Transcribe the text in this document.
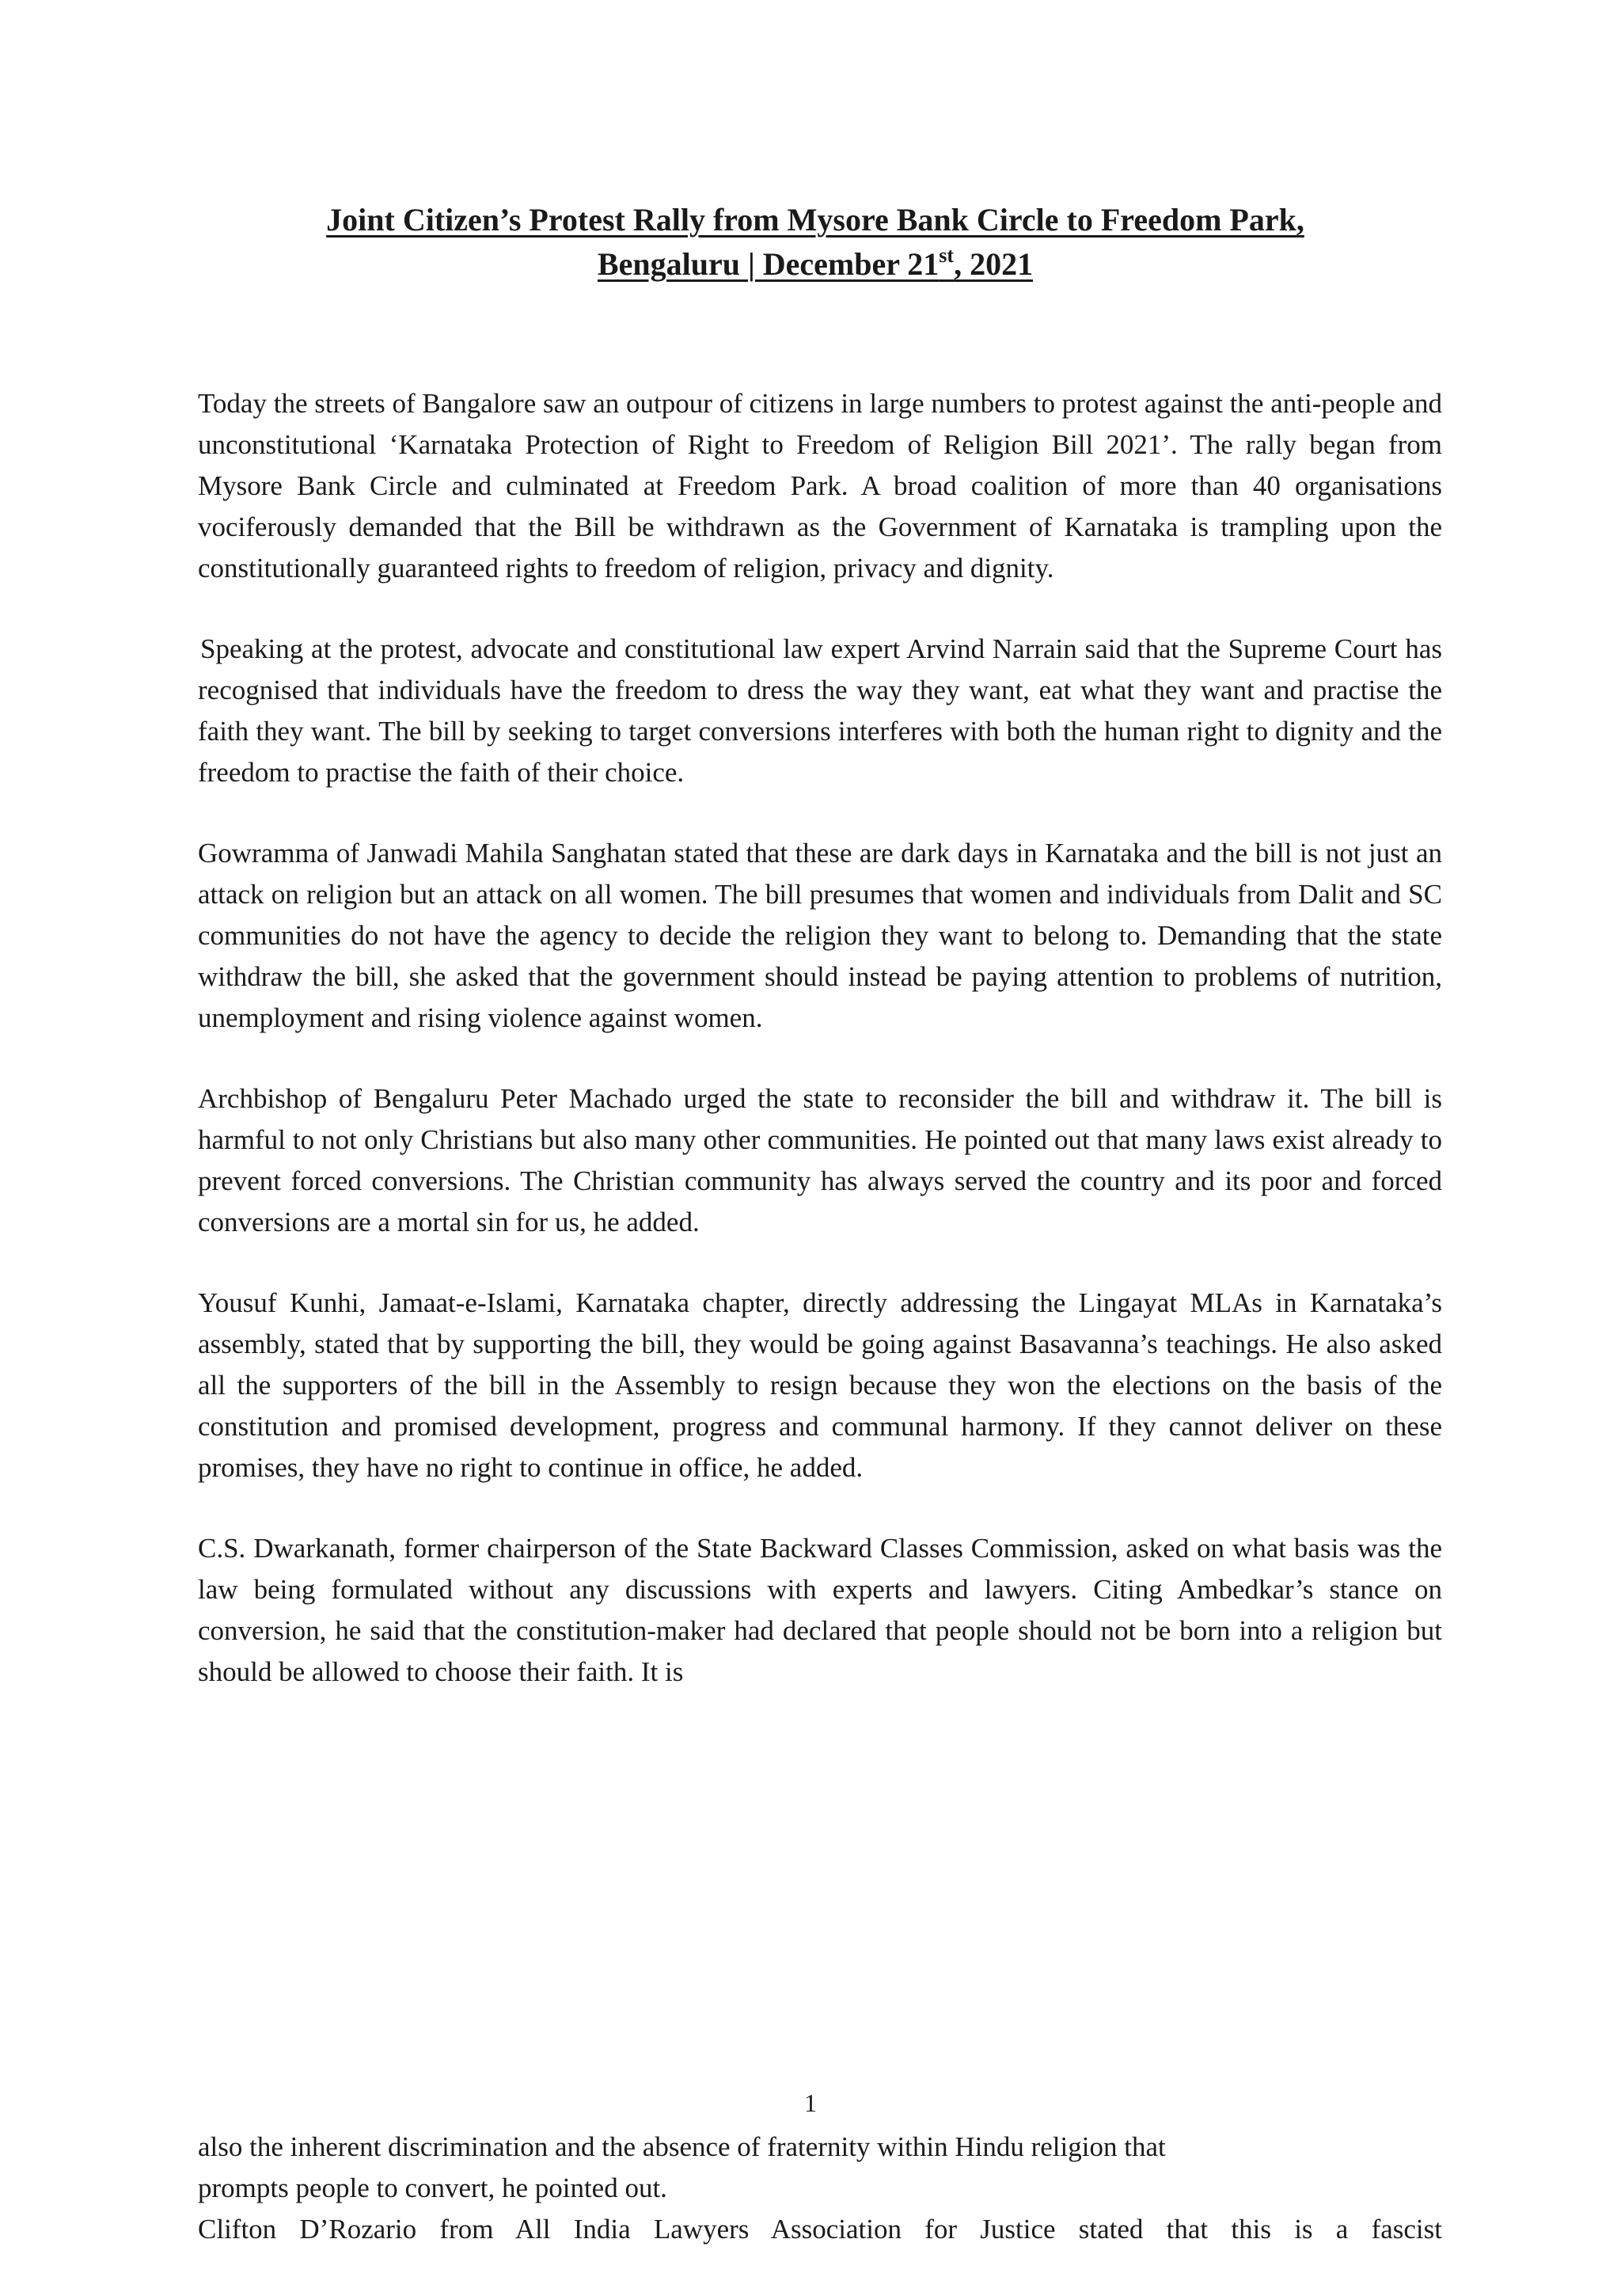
Joint Citizen’s Protest Rally from Mysore Bank Circle to Freedom Park,
Bengaluru | December 21st, 2021

Today the streets of Bangalore saw an outpour of citizens in large numbers to protest against the anti-people and unconstitutional ‘Karnataka Protection of Right to Freedom of Religion Bill 2021’. The rally began from Mysore Bank Circle and culminated at Freedom Park. A broad coalition of more than 40 organisations vociferously demanded that the Bill be withdrawn as the Government of Karnataka is trampling upon the constitutionally guaranteed rights to freedom of religion, privacy and dignity.

Speaking at the protest, advocate and constitutional law expert Arvind Narrain said that the Supreme Court has recognised that individuals have the freedom to dress the way they want, eat what they want and practise the faith they want. The bill by seeking to target conversions interferes with both the human right to dignity and the freedom to practise the faith of their choice.

Gowramma of Janwadi Mahila Sanghatan stated that these are dark days in Karnataka and the bill is not just an attack on religion but an attack on all women. The bill presumes that women and individuals from Dalit and SC communities do not have the agency to decide the religion they want to belong to. Demanding that the state withdraw the bill, she asked that the government should instead be paying attention to problems of nutrition, unemployment and rising violence against women.

Archbishop of Bengaluru Peter Machado urged the state to reconsider the bill and withdraw it. The bill is harmful to not only Christians but also many other communities. He pointed out that many laws exist already to prevent forced conversions. The Christian community has always served the country and its poor and forced conversions are a mortal sin for us, he added.

Yousuf Kunhi, Jamaat-e-Islami, Karnataka chapter, directly addressing the Lingayat MLAs in Karnataka’s assembly, stated that by supporting the bill, they would be going against Basavanna’s teachings. He also asked all the supporters of the bill in the Assembly to resign because they won the elections on the basis of the constitution and promised development, progress and communal harmony. If they cannot deliver on these promises, they have no right to continue in office, he added.

C.S. Dwarkanath, former chairperson of the State Backward Classes Commission, asked on what basis was the law being formulated without any discussions with experts and lawyers. Citing Ambedkar’s stance on conversion, he said that the constitution-maker had declared that people should not be born into a religion but should be allowed to choose their faith. It is

1

also the inherent discrimination and the absence of fraternity within Hindu religion that

prompts people to convert, he pointed out.

Clifton D’Rozario from All India Lawyers Association for Justice stated that this is a fascist
